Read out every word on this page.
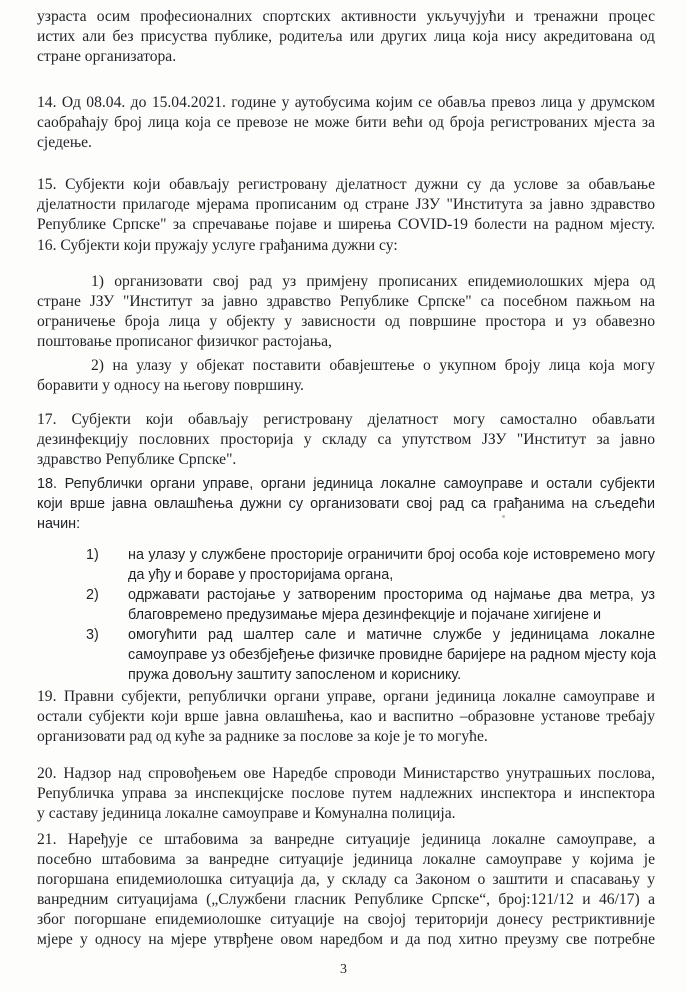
узраста осим професионалних спортских активности укључујући и тренажни процес
истих али без присуства публике, родитеља или других лица која нису акредитована од
стране организатора.
14. Од 08.04. до 15.04.2021. године у аутобусима којим се обавља превоз лица у друмском
саобраћају број лица која се превозе не може бити већи од броја регистрованих мјеста за
сједење.
15. Субјекти који обављају регистровану дјелатност дужни су да услове за обављање
дјелатности прилагоде мјерама прописаним од стране ЈЗУ "Института за јавно здравство
Републике Српске" за спречавање појаве и ширења COVID-19 болести на радном мјесту.
16. Субјекти који пружају услуге грађанима дужни су:
1) организовати свој рад уз примјену прописаних епидемиолошких мјера од
стране ЈЗУ "Институт за јавно здравство Републике Српске" са посебном пажњом на
ограничење броја лица у објекту у зависности од површине простора и уз обавезно
поштовање прописаног физичког растојања,
2) на улазу у објекат поставити обавјештење о укупном броју лица која могу
боравити у односу на његову површину.
17. Субјекти који обављају регистровану дјелатност могу самостално обављати
дезинфекцију пословних просторија у складу са упутством ЈЗУ "Институт за јавно
здравство Републике Српске".
18. Републички органи управе, органи јединица локалне самоуправе и остали субјекти
који врше јавна овлашћења дужни су организовати свој рад са грађанима на сљедећи
начин:
1) на улазу у службене просторије ограничити број особа које истовремено могу
да уђу и бораве у просторијама органа,
2) одржавати растојање у затвореним просторима од најмање два метра, уз
благовремено предузимање мјера дезинфекције и појачане хигијене и
3) омогућити рад шалтер сале и матичне службе у јединицама локалне
самоуправе уз обезбјеђење физичке провидне баријере на радном мјесту која
пружа довољну заштиту запосленом и кориснику.
19. Правни субјекти, републички органи управе, органи јединица локалне самоуправе и
остали субјекти који врше јавна овлашћења, као и васпитно –образовне установе требају
организовати рад од куће за раднике за послове за које је то могуће.
20. Надзор над спровођењем ове Наредбе спроводи Министарство унутрашњих послова,
Републичка управа за инспекцијске послове путем надлежних инспектора и инспектора
у саставу јединица локалне самоуправе и Комунална полиција.
21. Наређује се штабовима за ванредне ситуације јединица локалне самоуправе, а
посебно штабовима за ванредне ситуације јединица локалне самоуправе у којима је
погоршана епидемиолошка ситуација да, у складу са Законом о заштити и спасавању у
ванредним ситуацијама („Службени гласник Републике Српске“, број:121/12 и 46/17) а
због погоршане епидемиолошке ситуације на својој територији донесу рестриктивније
мјере у односу на мјере утврђене овом наредбом и да под хитно преузму све потребне
3
